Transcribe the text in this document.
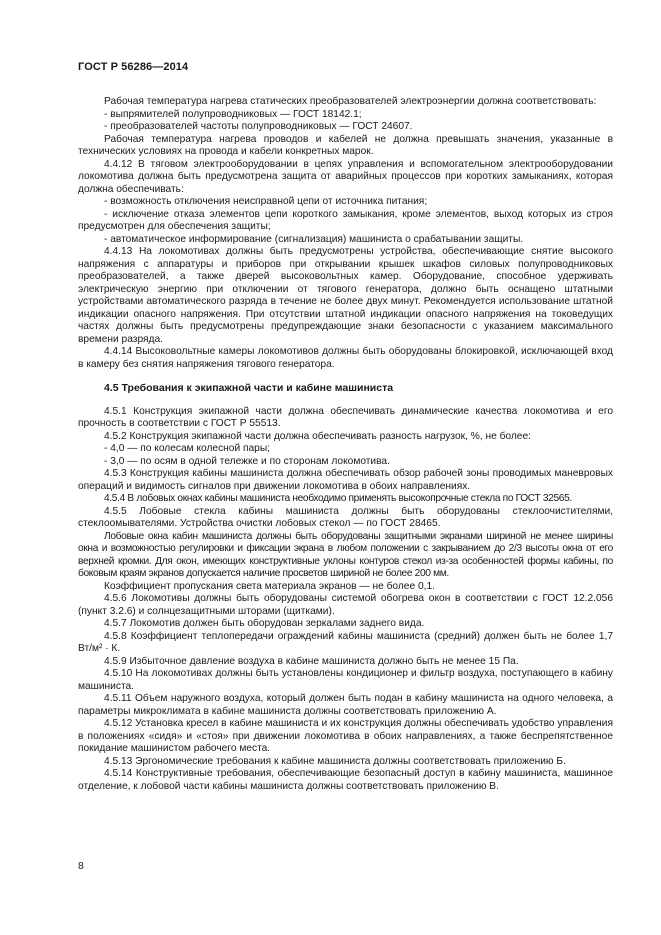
ГОСТ Р 56286—2014

Рабочая температура нагрева статических преобразователей электроэнергии должна соответствовать:

- выпрямителей полупроводниковых — ГОСТ 18142.1;

- преобразователей частоты полупроводниковых — ГОСТ 24607.

Рабочая температура нагрева проводов и кабелей не должна превышать значения, указанные в технических условиях на провода и кабели конкретных марок.

4.4.12 В тяговом электрооборудовании в цепях управления и вспомогательном электрооборудовании локомотива должна быть предусмотрена защита от аварийных процессов при коротких замыканиях, которая должна обеспечивать:

- возможность отключения неисправной цепи от источника питания;

- исключение отказа элементов цепи короткого замыкания, кроме элементов, выход которых из строя предусмотрен для обеспечения защиты;

- автоматическое информирование (сигнализация) машиниста о срабатывании защиты.

4.4.13 На локомотивах должны быть предусмотрены устройства, обеспечивающие снятие высокого напряжения с аппаратуры и приборов при открывании крышек шкафов силовых полупроводниковых преобразователей, а также дверей высоковольтных камер. Оборудование, способное удерживать электрическую энергию при отключении от тягового генератора, должно быть оснащено штатными устройствами автоматического разряда в течение не более двух минут. Рекомендуется использование штатной индикации опасного напряжения. При отсутствии штатной индикации опасного напряжения на токоведущих частях должны быть предусмотрены предупреждающие знаки безопасности с указанием максимального времени разряда.

4.4.14 Высоковольтные камеры локомотивов должны быть оборудованы блокировкой, исключающей вход в камеру без снятия напряжения тягового генератора.

4.5 Требования к экипажной части и кабине машиниста

4.5.1 Конструкция экипажной части должна обеспечивать динамические качества локомотива и его прочность в соответствии с ГОСТ Р 55513.

4.5.2 Конструкция экипажной части должна обеспечивать разность нагрузок, %, не более:

- 4,0 — по колесам колесной пары;

- 3,0 — по осям в одной тележке и по сторонам локомотива.

4.5.3 Конструкция кабины машиниста должна обеспечивать обзор рабочей зоны проводимых маневровых операций и видимость сигналов при движении локомотива в обоих направлениях.

4.5.4 В лобовых окнах кабины машиниста необходимо применять высокопрочные стекла по ГОСТ 32565.

4.5.5 Лобовые стекла кабины машиниста должны быть оборудованы стеклоочистителями, стеклоомывателями. Устройства очистки лобовых стекол — по ГОСТ 28465.

Лобовые окна кабин машиниста должны быть оборудованы защитными экранами шириной не менее ширины окна и возможностью регулировки и фиксации экрана в любом положении с закрыванием до 2/3 высоты окна от его верхней кромки. Для окон, имеющих конструктивные уклоны контуров стекол из-за особенностей формы кабины, по боковым краям экранов допускается наличие просветов шириной не более 200 мм.

Коэффициент пропускания света материала экранов — не более 0,1.

4.5.6 Локомотивы должны быть оборудованы системой обогрева окон в соответствии с ГОСТ 12.2.056 (пункт 3.2.6) и солнцезащитными шторами (щитками).

4.5.7 Локомотив должен быть оборудован зеркалами заднего вида.

4.5.8 Коэффициент теплопередачи ограждений кабины машиниста (средний) должен быть не более 1,7 Вт/м² · К.

4.5.9 Избыточное давление воздуха в кабине машиниста должно быть не менее 15 Па.

4.5.10 На локомотивах должны быть установлены кондиционер и фильтр воздуха, поступающего в кабину машиниста.

4.5.11 Объем наружного воздуха, который должен быть подан в кабину машиниста на одного человека, а параметры микроклимата в кабине машиниста должны соответствовать приложению А.

4.5.12 Установка кресел в кабине машиниста и их конструкция должны обеспечивать удобство управления в положениях «сидя» и «стоя» при движении локомотива в обоих направлениях, а также беспрепятственное покидание машинистом рабочего места.

4.5.13 Эргономические требования к кабине машиниста должны соответствовать приложению Б.

4.5.14 Конструктивные требования, обеспечивающие безопасный доступ в кабину машиниста, машинное отделение, к лобовой части кабины машиниста должны соответствовать приложению В.

8
